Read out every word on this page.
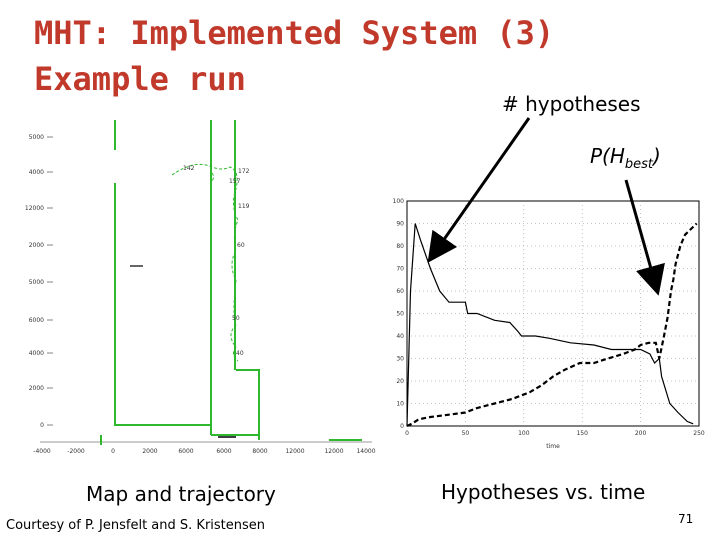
MHT: Implemented System (3)
Example run
5000
4000
12000
2000
5000
6000
4000
2000
0
-4000	-2000	0	2000	6000	6000	8000	12000	12000 14000
142	172
157
119
60
50
40
100
90
80
70
60
50
40
30
20
10
0
0	50	100	150	200	250
time
# hypotheses
$P(H_{best})$
Map and trajectory	Hypotheses vs. time
Courtesy of P. Jensfelt and S. Kristensen	71
